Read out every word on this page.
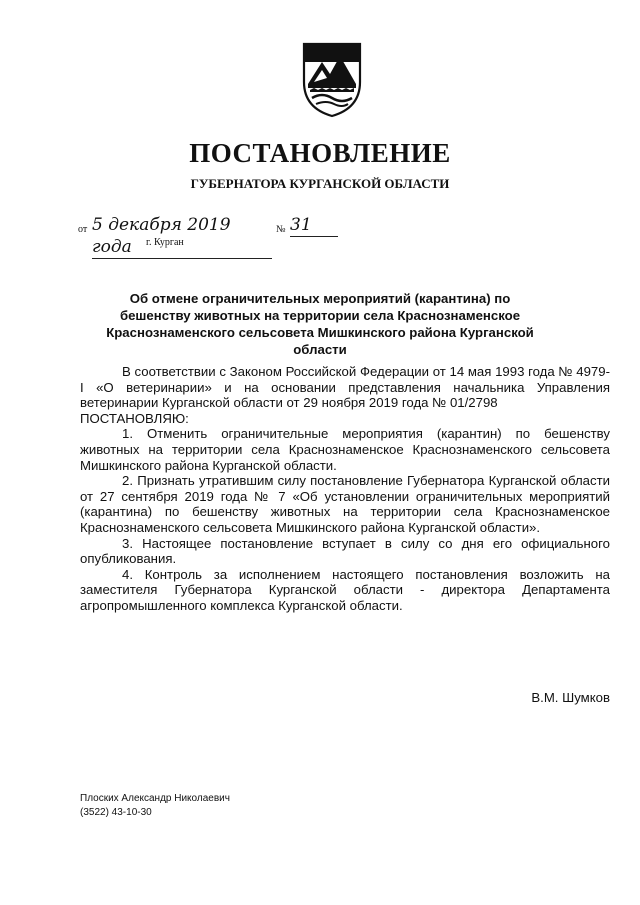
ПОСТАНОВЛЕНИЕ
ГУБЕРНАТОРА КУРГАНСКОЙ ОБЛАСТИ
от 5 декабря 2019 года
№ 31
г. Курган
Об отмене ограничительных мероприятий (карантина) по бешенству животных на территории села Краснознаменское Краснознаменского сельсовета Мишкинского района Курганской области

В соответствии с Законом Российской Федерации от 14 мая 1993 года № 4979-I «О ветеринарии» и на основании представления начальника Управления ветеринарии Курганской области от 29 ноября 2019 года № 01/2798

ПОСТАНОВЛЯЮ:

1. Отменить ограничительные мероприятия (карантин) по бешенству животных на территории села Краснознаменское Краснознаменского сельсовета Мишкинского района Курганской области.

2. Признать утратившим силу постановление Губернатора Курганской области от 27 сентября 2019 года № 7 «Об установлении ограничительных мероприятий (карантина) по бешенству животных на территории села Краснознаменское Краснознаменского сельсовета Мишкинского района Курганской области».

3. Настоящее постановление вступает в силу со дня его официального опубликования.

4. Контроль за исполнением настоящего постановления возложить на заместителя Губернатора Курганской области - директора Департамента агропромышленного комплекса Курганской области.

В.М. Шумков
Плоских Александр Николаевич
(3522) 43-10-30
